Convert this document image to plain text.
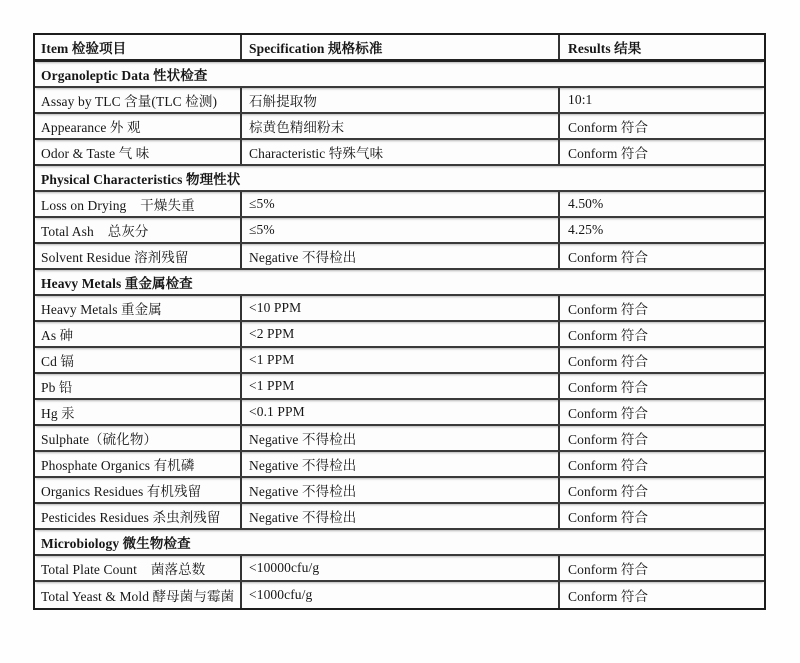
Item 检验项目	Specification 规格标准	Results 结果
Organoleptic Data 性状检查
Assay by TLC 含量(TLC 检测)	石斛提取物	10:1
Appearance 外 观	棕黄色精细粉末	Conform 符合
Odor & Taste 气 味	Characteristic 特殊气味	Conform 符合
Physical Characteristics 物理性状
Loss on Drying    干燥失重	≤5%	4.50%
Total Ash    总灰分	≤5%	4.25%
Solvent Residue 溶剂残留	Negative 不得检出	Conform 符合
Heavy Metals 重金属检查
Heavy Metals 重金属	<10 PPM	Conform 符合
As 砷	<2 PPM	Conform 符合
Cd 镉	<1 PPM	Conform 符合
Pb 铅	<1 PPM	Conform 符合
Hg 汞	<0.1 PPM	Conform 符合
Sulphate（硫化物）	Negative 不得检出	Conform 符合
Phosphate Organics 有机磷	Negative 不得检出	Conform 符合
Organics Residues 有机残留	Negative 不得检出	Conform 符合
Pesticides Residues 杀虫剂残留	Negative 不得检出	Conform 符合
Microbiology 微生物检查
Total Plate Count    菌落总数	<10000cfu/g	Conform 符合
Total Yeast & Mold 酵母菌与霉菌	<1000cfu/g	Conform 符合
